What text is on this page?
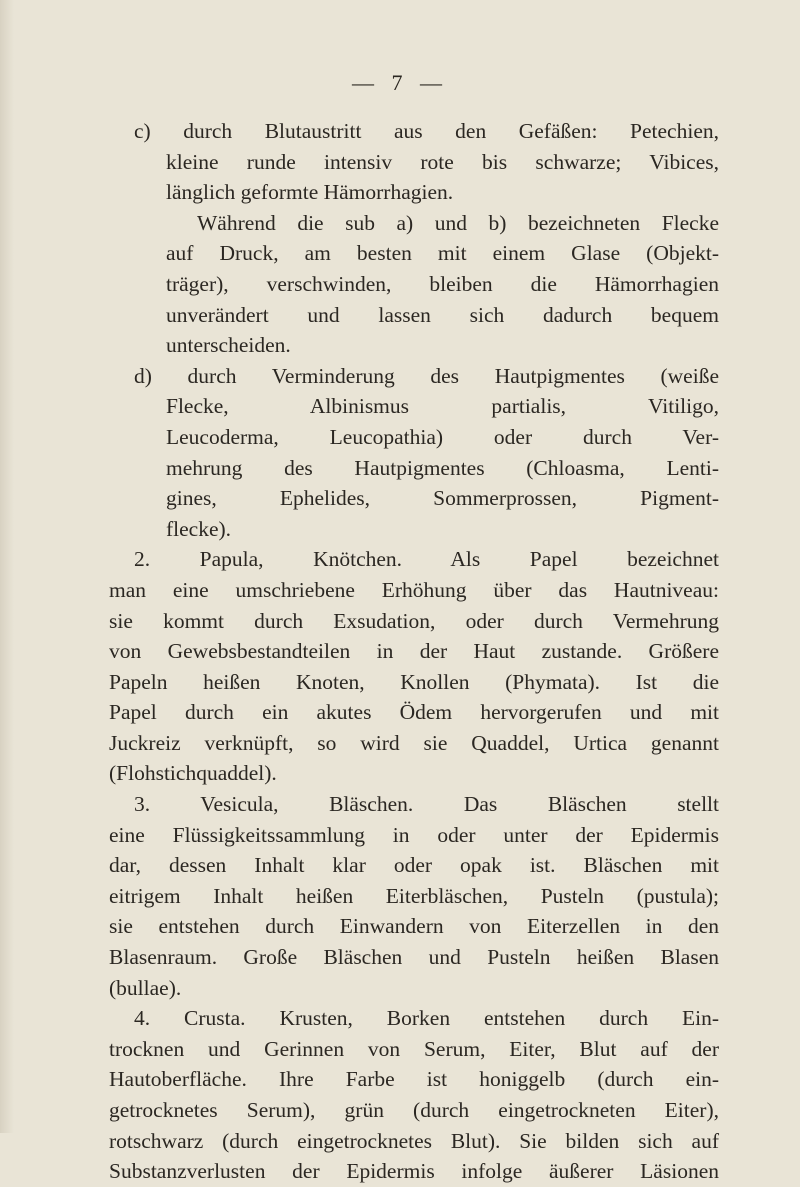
— 7 —
c) durch Blutaustritt aus den Gefäßen: Petechien,
kleine runde intensiv rote bis schwarze; Vibices,
länglich geformte Hämorrhagien.
Während die sub a) und b) bezeichneten Flecke
auf Druck, am besten mit einem Glase (Objekt-
träger), verschwinden, bleiben die Hämorrhagien
unverändert und lassen sich dadurch bequem
unterscheiden.
d) durch Verminderung des Hautpigmentes (weiße
Flecke, Albinismus partialis, Vitiligo,
Leucoderma, Leucopathia) oder durch Ver-
mehrung des Hautpigmentes (Chloasma, Lenti-
gines, Ephelides, Sommerprossen, Pigment-
flecke).
2. Papula, Knötchen. Als Papel bezeichnet
man eine umschriebene Erhöhung über das Hautniveau:
sie kommt durch Exsudation, oder durch Vermehrung
von Gewebsbestandteilen in der Haut zustande. Größere
Papeln heißen Knoten, Knollen (Phymata). Ist die
Papel durch ein akutes Ödem hervorgerufen und mit
Juckreiz verknüpft, so wird sie Quaddel, Urtica genannt
(Flohstichquaddel).
3. Vesicula, Bläschen. Das Bläschen stellt
eine Flüssigkeitssammlung in oder unter der Epidermis
dar, dessen Inhalt klar oder opak ist. Bläschen mit
eitrigem Inhalt heißen Eiterbläschen, Pusteln (pustula);
sie entstehen durch Einwandern von Eiterzellen in den
Blasenraum. Große Bläschen und Pusteln heißen Blasen
(bullae).
4. Crusta. Krusten, Borken entstehen durch Ein-
trocknen und Gerinnen von Serum, Eiter, Blut auf der
Hautoberfläche. Ihre Farbe ist honiggelb (durch ein-
getrocknetes Serum), grün (durch eingetrockneten Eiter),
rotschwarz (durch eingetrocknetes Blut). Sie bilden sich auf
Substanzverlusten der Epidermis infolge äußerer Läsionen
